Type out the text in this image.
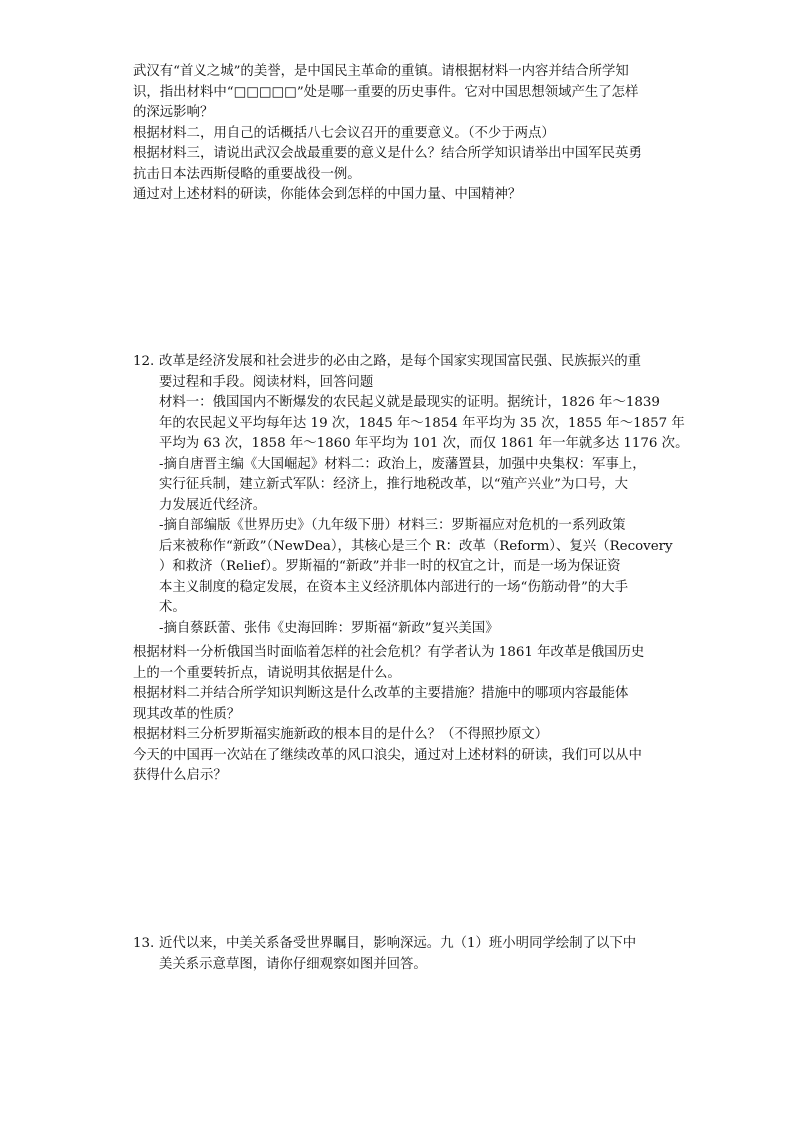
武汉有“首义之城”的美誉，是中国民主革命的重镇。请根据材料一内容并结合所学知
识，指出材料中“□□□□□”处是哪一重要的历史事件。它对中国思想领域产生了怎样
的深远影响？
根据材料二，用自己的话概括八七会议召开的重要意义。（不少于两点）
根据材料三，请说出武汉会战最重要的意义是什么？结合所学知识请举出中国军民英勇
抗击日本法西斯侵略的重要战役一例。
通过对上述材料的研读，你能体会到怎样的中国力量、中国精神？
12. 改革是经济发展和社会进步的必由之路，是每个国家实现国富民强、民族振兴的重
要过程和手段。阅读材料，回答问题
材料一：俄国国内不断爆发的农民起义就是最现实的证明。据统计，1826 年～1839
年的农民起义平均每年达 19 次，1845 年～1854 年平均为 35 次，1855 年～1857 年
平均为 63 次，1858 年～1860 年平均为 101 次，而仅 1861 年一年就多达 1176 次。
-摘自唐晋主编《大国崛起》材料二：政治上，废藩置县，加强中央集权：军事上，
实行征兵制，建立新式军队：经济上，推行地税改革，以“殖产兴业”为口号，大
力发展近代经济。
-摘自部编版《世界历史》（九年级下册）材料三：罗斯福应对危机的一系列政策
后来被称作“新政”（NewDea），其核心是三个 R：改革（Reform）、复兴（Recovery
）和救济（Relief）。罗斯福的“新政”并非一时的权宜之计，而是一场为保证资
本主义制度的稳定发展，在资本主义经济肌体内部进行的一场“伤筋动骨”的大手
术。
-摘自蔡跃蕾、张伟《史海回眸：罗斯福“新政”复兴美国》
根据材料一分析俄国当时面临着怎样的社会危机？有学者认为 1861 年改革是俄国历史
上的一个重要转折点，请说明其依据是什么。
根据材料二并结合所学知识判断这是什么改革的主要措施？措施中的哪项内容最能体
现其改革的性质？
根据材料三分析罗斯福实施新政的根本目的是什么？（不得照抄原文）
今天的中国再一次站在了继续改革的风口浪尖，通过对上述材料的研读，我们可以从中
获得什么启示？
13. 近代以来，中美关系备受世界瞩目，影响深远。九（1）班小明同学绘制了以下中
美关系示意草图，请你仔细观察如图并回答。
